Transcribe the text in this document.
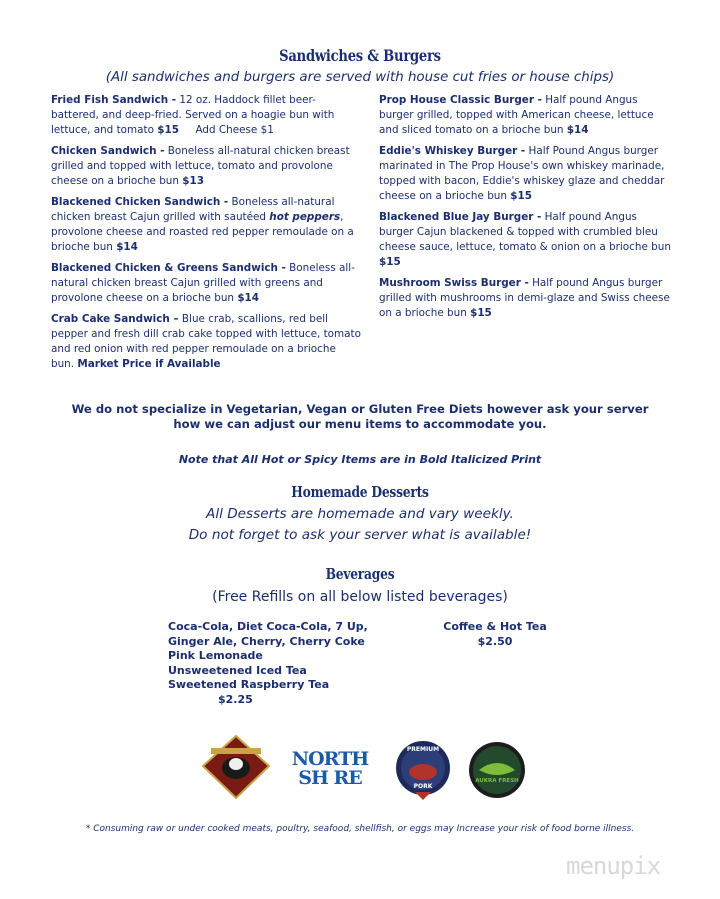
Sandwiches & Burgers
(All sandwiches and burgers are served with house cut fries or house chips)
Fried Fish Sandwich - 12 oz. Haddock fillet beer-battered, and deep-fried. Served on a hoagie bun with lettuce, and tomato $15 Add Cheese $1
Chicken Sandwich - Boneless all-natural chicken breast grilled and topped with lettuce, tomato and provolone cheese on a brioche bun $13
Blackened Chicken Sandwich - Boneless all-natural chicken breast Cajun grilled with sautéed hot peppers, provolone cheese and roasted red pepper remoulade on a brioche bun $14
Blackened Chicken & Greens Sandwich - Boneless all-natural chicken breast Cajun grilled with greens and provolone cheese on a brioche bun $14
Crab Cake Sandwich – Blue crab, scallions, red bell pepper and fresh dill crab cake topped with lettuce, tomato and red onion with red pepper remoulade on a brioche bun. Market Price if Available
Prop House Classic Burger - Half pound Angus burger grilled, topped with American cheese, lettuce and sliced tomato on a brioche bun $14
Eddie's Whiskey Burger - Half Pound Angus burger marinated in The Prop House's own whiskey marinade, topped with bacon, Eddie's whiskey glaze and cheddar cheese on a brioche bun $15
Blackened Blue Jay Burger - Half pound Angus burger Cajun blackened & topped with crumbled bleu cheese sauce, lettuce, tomato & onion on a brioche bun $15
Mushroom Swiss Burger - Half pound Angus burger grilled with mushrooms in demi-glaze and Swiss cheese on a brioche bun $15
We do not specialize in Vegetarian, Vegan or Gluten Free Diets however ask your server
how we can adjust our menu items to accommodate you.
Note that All Hot or Spicy Items are in Bold Italicized Print
Homemade Desserts
All Desserts are homemade and vary weekly.
Do not forget to ask your server what is available!
Beverages
(Free Refills on all below listed beverages)
Coca-Cola, Diet Coca-Cola, 7 Up,
Ginger Ale, Cherry, Cherry Coke
Pink Lemonade
Unsweetened Iced Tea
Sweetened Raspberry Tea
$2.25
Coffee & Hot Tea
$2.50
NORTH
SH RE
PREMIUM
PORK
AUKRA FRESH
* Consuming raw or under cooked meats, poultry, seafood, shellfish, or eggs may Increase your risk of food borne illness.
menupix
